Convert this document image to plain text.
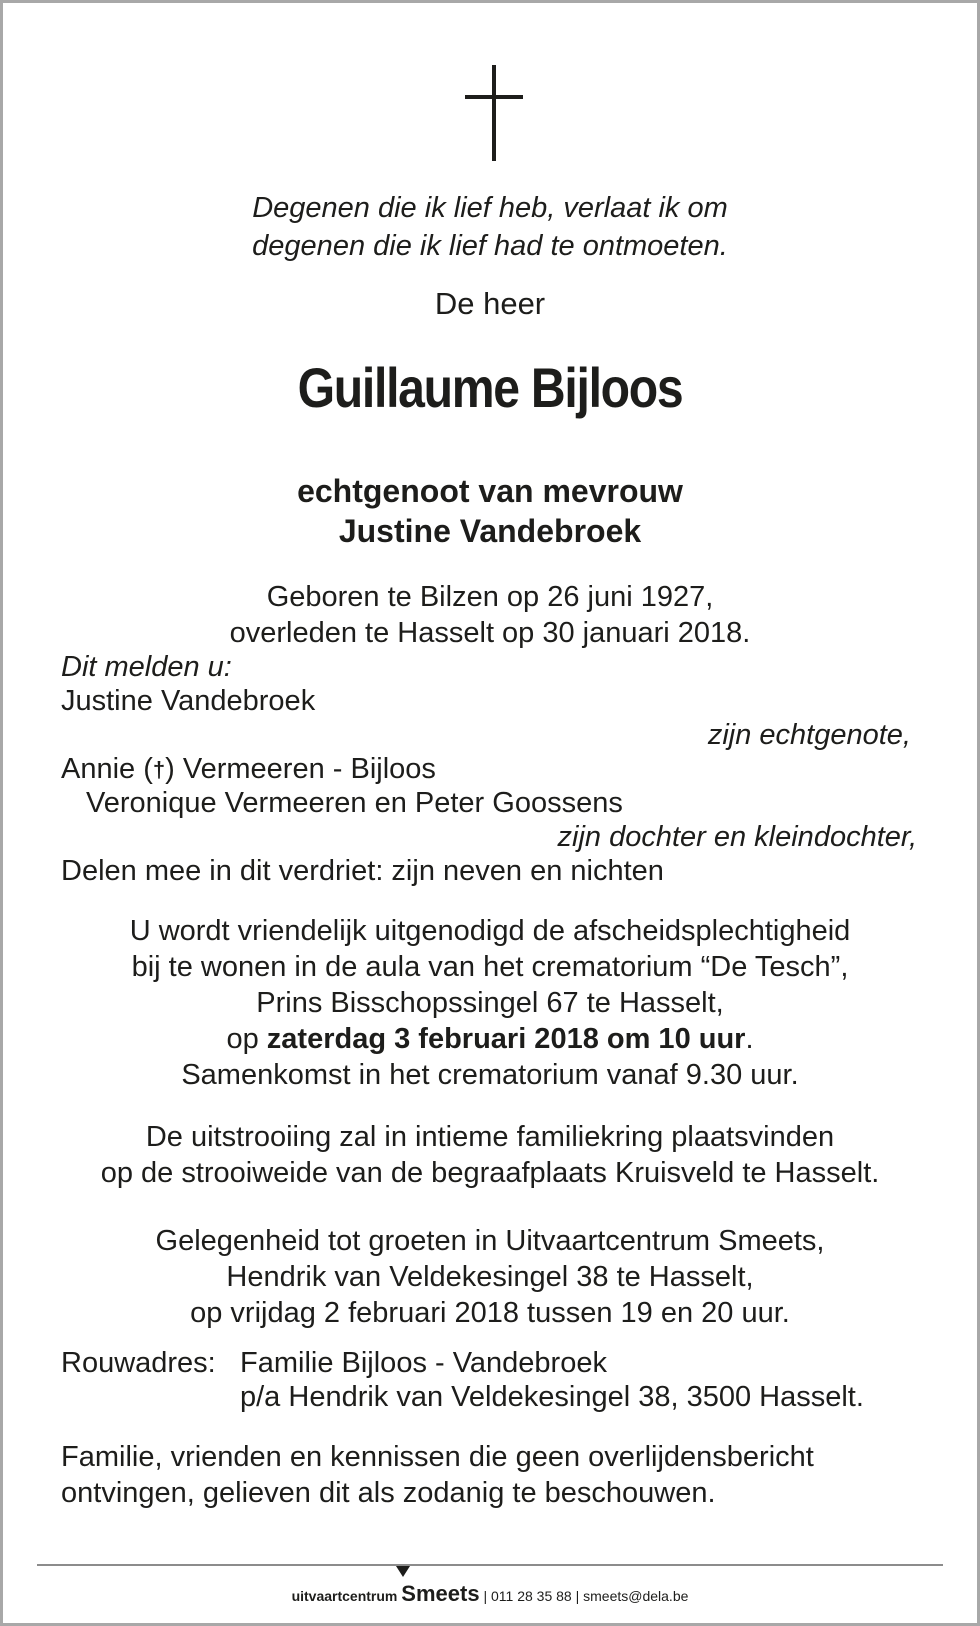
Degenen die ik lief heb, verlaat ik om
degenen die ik lief had te ontmoeten.
De heer
Guillaume Bijloos
echtgenoot van mevrouw
Justine Vandebroek
Geboren te Bilzen op 26 juni 1927,
overleden te Hasselt op 30 januari 2018.
Dit melden u:
Justine Vandebroek
zijn echtgenote,
Annie (†) Vermeeren - Bijloos
Veronique Vermeeren en Peter Goossens
zijn dochter en kleindochter,
Delen mee in dit verdriet: zijn neven en nichten
U wordt vriendelijk uitgenodigd de afscheidsplechtigheid
bij te wonen in de aula van het crematorium “De Tesch”,
Prins Bisschopssingel 67 te Hasselt,
op zaterdag 3 februari 2018 om 10 uur.
Samenkomst in het crematorium vanaf 9.30 uur.
De uitstrooiing zal in intieme familiekring plaatsvinden
op de strooiweide van de begraafplaats Kruisveld te Hasselt.
Gelegenheid tot groeten in Uitvaartcentrum Smeets,
Hendrik van Veldekesingel 38 te Hasselt,
op vrijdag 2 februari 2018 tussen 19 en 20 uur.
Rouwadres: Familie Bijloos - Vandebroek
p/a Hendrik van Veldekesingel 38, 3500 Hasselt.
Familie, vrienden en kennissen die geen overlijdensbericht
ontvingen, gelieven dit als zodanig te beschouwen.
uitvaartcentrum Smeets | 011 28 35 88 | smeets@dela.be
